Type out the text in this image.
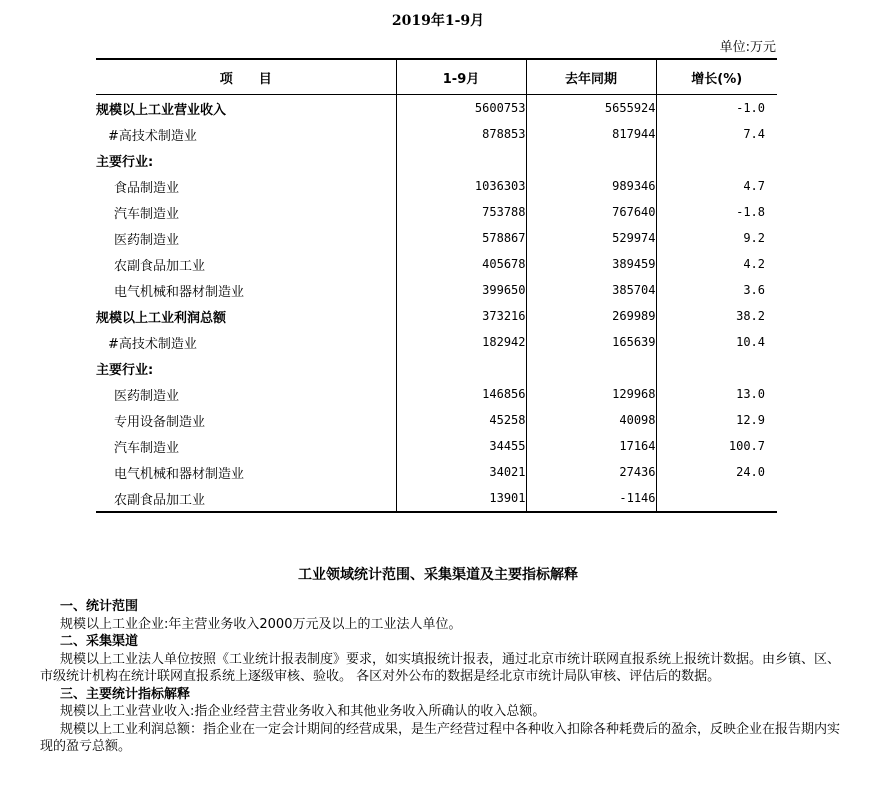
2019年1-9月
单位:万元
项　　目	1-9月	去年同期	增长(%)
规模以上工业营业收入	5600753	5655924	-1.0
#高技术制造业	878853	817944	7.4
主要行业:			
食品制造业	1036303	989346	4.7
汽车制造业	753788	767640	-1.8
医药制造业	578867	529974	9.2
农副食品加工业	405678	389459	4.2
电气机械和器材制造业	399650	385704	3.6
规模以上工业利润总额	373216	269989	38.2
#高技术制造业	182942	165639	10.4
主要行业:			
医药制造业	146856	129968	13.0
专用设备制造业	45258	40098	12.9
汽车制造业	34455	17164	100.7
电气机械和器材制造业	34021	27436	24.0
农副食品加工业	13901	-1146	
工业领域统计范围、采集渠道及主要指标解释
一、统计范围
规模以上工业企业:年主营业务收入2000万元及以上的工业法人单位。
二、采集渠道
规模以上工业法人单位按照《工业统计报表制度》要求，如实填报统计报表，通过北京市统计联网直报系统上报统计数据。由乡镇、区、市级统计机构在统计联网直报系统上逐级审核、验收。 各区对外公布的数据是经北京市统计局队审核、评估后的数据。
三、主要统计指标解释
规模以上工业营业收入:指企业经营主营业务收入和其他业务收入所确认的收入总额。
规模以上工业利润总额：指企业在一定会计期间的经营成果，是生产经营过程中各种收入扣除各种耗费后的盈余，反映企业在报告期内实现的盈亏总额。
